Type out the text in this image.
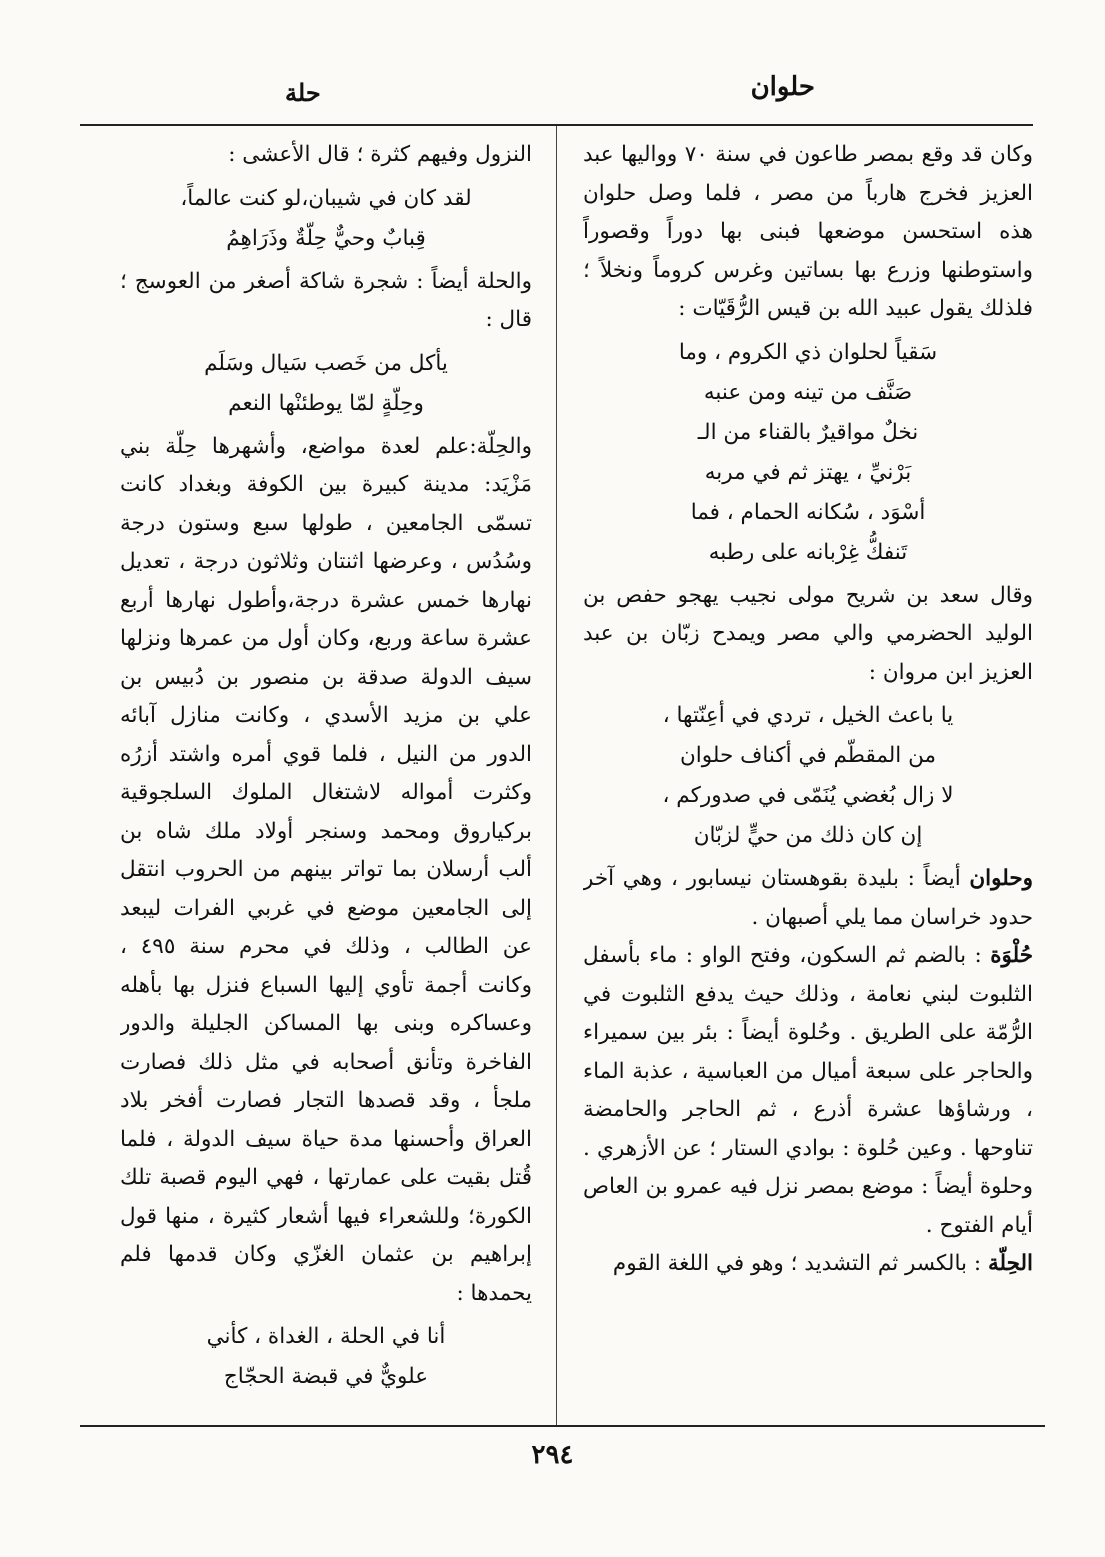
حلوان
حلة

وكان قد وقع بمصر طاعون في سنة ٧٠ وواليها عبد العزيز فخرج هارباً من مصر ، فلما وصل حلوان هذه استحسن موضعها فبنى بها دوراً وقصوراً واستوطنها وزرع بها بساتين وغرس كروماً ونخلاً ؛ فلذلك يقول عبيد الله بن قيس الرُّقَيّات :

سَقياً لحلوان ذي الكروم ، وما
صَنَّف من تينه ومن عنبه
نخلٌ مواقيرٌ بالقناء من الـ
بَرْنيِّ ، يهتز ثم في مربه
أسْوَد ، سُكانه الحمام ، فما
تَنفكُّ غِرْبانه على رطبه

وقال سعد بن شريح مولى نجيب يهجو حفص بن الوليد الحضرمي والي مصر ويمدح زبّان بن عبد العزيز ابن مروان :

يا باعث الخيل ، تردي في أعِنّتها ،
من المقطّم في أكناف حلوان
لا زال بُغضي يُنَمّى في صدوركم ،
إن كان ذلك من حيٍّ لزبّان

وحلوان أيضاً : بليدة بقوهستان نيسابور ، وهي آخر حدود خراسان مما يلي أصبهان .

حُلْوَة : بالضم ثم السكون، وفتح الواو : ماء بأسفل الثلبوت لبني نعامة ، وذلك حيث يدفع الثلبوت في الرُّمّة على الطريق . وحُلوة أيضاً : بئر بين سميراء والحاجر على سبعة أميال من العباسية ، عذبة الماء ، ورشاؤها عشرة أذرع ، ثم الحاجر والحامضة تناوحها . وعين حُلوة : بوادي الستار ؛ عن الأزهري . وحلوة أيضاً : موضع بمصر نزل فيه عمرو بن العاص أيام الفتوح .

الحِلّة : بالكسر ثم التشديد ؛ وهو في اللغة القوم

النزول وفيهم كثرة ؛ قال الأعشى :

لقد كان في شيبان،لو كنت عالماً،
قِبابٌ وحيٌّ حِلّةٌ وذَرَاهِمُ

والحلة أيضاً : شجرة شاكة أصغر من العوسج ؛ قال :

يأكل من خَصب سَيال وسَلَم
وحِلّةٍ لمّا يوطئنْها النعم

والحِلّة:علم لعدة مواضع، وأشهرها حِلّة بني مَزْيَد: مدينة كبيرة بين الكوفة وبغداد كانت تسمّى الجامعين ، طولها سبع وستون درجة وسُدُس ، وعرضها اثنتان وثلاثون درجة ، تعديل نهارها خمس عشرة درجة،وأطول نهارها أربع عشرة ساعة وربع، وكان أول من عمرها ونزلها سيف الدولة صدقة بن منصور بن دُبيس بن علي بن مزيد الأسدي ، وكانت منازل آبائه الدور من النيل ، فلما قوي أمره واشتد أزرُه وكثرت أمواله لاشتغال الملوك السلجوقية بركياروق ومحمد وسنجر أولاد ملك شاه بن ألب أرسلان بما تواتر بينهم من الحروب انتقل إلى الجامعين موضع في غربي الفرات ليبعد عن الطالب ، وذلك في محرم سنة ٤٩٥ ، وكانت أجمة تأوي إليها السباع فنزل بها بأهله وعساكره وبنى بها المساكن الجليلة والدور الفاخرة وتأنق أصحابه في مثل ذلك فصارت ملجأ ، وقد قصدها التجار فصارت أفخر بلاد العراق وأحسنها مدة حياة سيف الدولة ، فلما قُتل بقيت على عمارتها ، فهي اليوم قصبة تلك الكورة؛ وللشعراء فيها أشعار كثيرة ، منها قول إبراهيم بن عثمان الغزّي وكان قدمها فلم يحمدها :

أنا في الحلة ، الغداة ، كأني
علويٌّ في قبضة الحجّاج
٢٩٤
